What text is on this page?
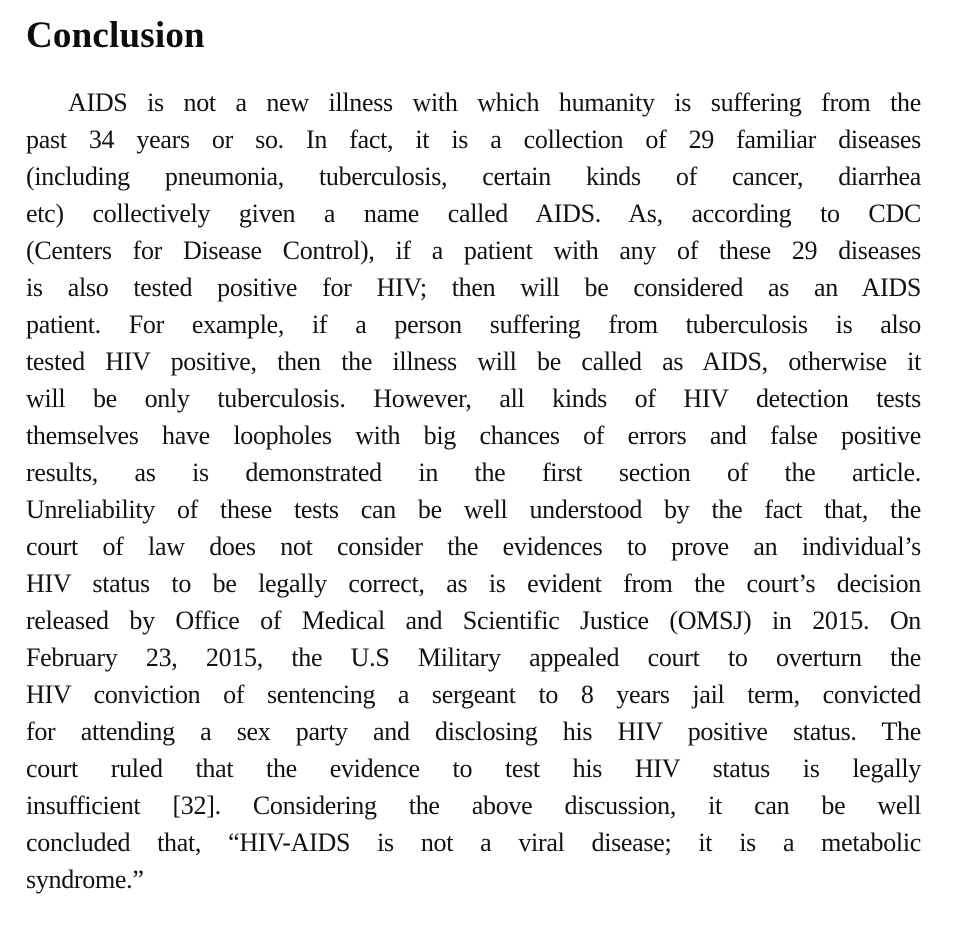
Conclusion
AIDS is not a new illness with which humanity is suffering from the
past 34 years or so. In fact, it is a collection of 29 familiar diseases
(including pneumonia, tuberculosis, certain kinds of cancer, diarrhea
etc) collectively given a name called AIDS. As, according to CDC
(Centers for Disease Control), if a patient with any of these 29 diseases
is also tested positive for HIV; then will be considered as an AIDS
patient. For example, if a person suffering from tuberculosis is also
tested HIV positive, then the illness will be called as AIDS, otherwise it
will be only tuberculosis. However, all kinds of HIV detection tests
themselves have loopholes with big chances of errors and false positive
results, as is demonstrated in the first section of the article.
Unreliability of these tests can be well understood by the fact that, the
court of law does not consider the evidences to prove an individual’s
HIV status to be legally correct, as is evident from the court’s decision
released by Office of Medical and Scientific Justice (OMSJ) in 2015. On
February 23, 2015, the U.S Military appealed court to overturn the
HIV conviction of sentencing a sergeant to 8 years jail term, convicted
for attending a sex party and disclosing his HIV positive status. The
court ruled that the evidence to test his HIV status is legally
insufficient [32]. Considering the above discussion, it can be well
concluded that, “HIV-AIDS is not a viral disease; it is a metabolic
syndrome.”
